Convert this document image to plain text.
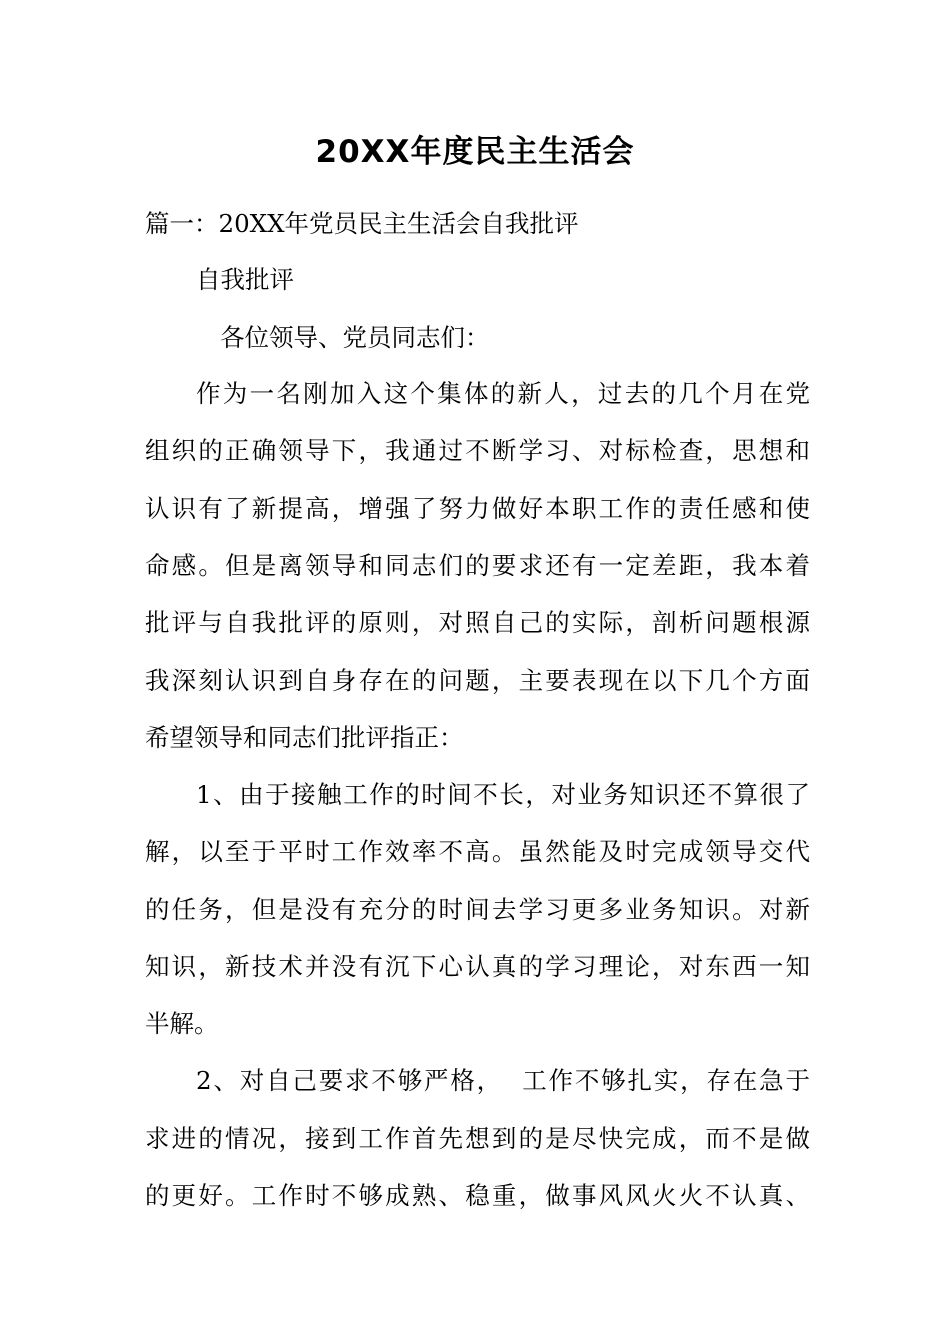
20XX年度民主生活会
篇一：20XX年党员民主生活会自我批评
自我批评
各位领导、党员同志们：
作为一名刚加入这个集体的新人，过去的几个月在党
组织的正确领导下，我通过不断学习、对标检查，思想和
认识有了新提高，增强了努力做好本职工作的责任感和使
命感。但是离领导和同志们的要求还有一定差距，我本着
批评与自我批评的原则，对照自己的实际，剖析问题根源
我深刻认识到自身存在的问题，主要表现在以下几个方面
希望领导和同志们批评指正：
1、由于接触工作的时间不长，对业务知识还不算很了
解，以至于平时工作效率不高。虽然能及时完成领导交代
的任务，但是没有充分的时间去学习更多业务知识。对新
知识，新技术并没有沉下心认真的学习理论，对东西一知
半解。
2、对自己要求不够严格，  工作不够扎实，存在急于
求进的情况，接到工作首先想到的是尽快完成，而不是做
的更好。工作时不够成熟、稳重，做事风风火火不认真、
